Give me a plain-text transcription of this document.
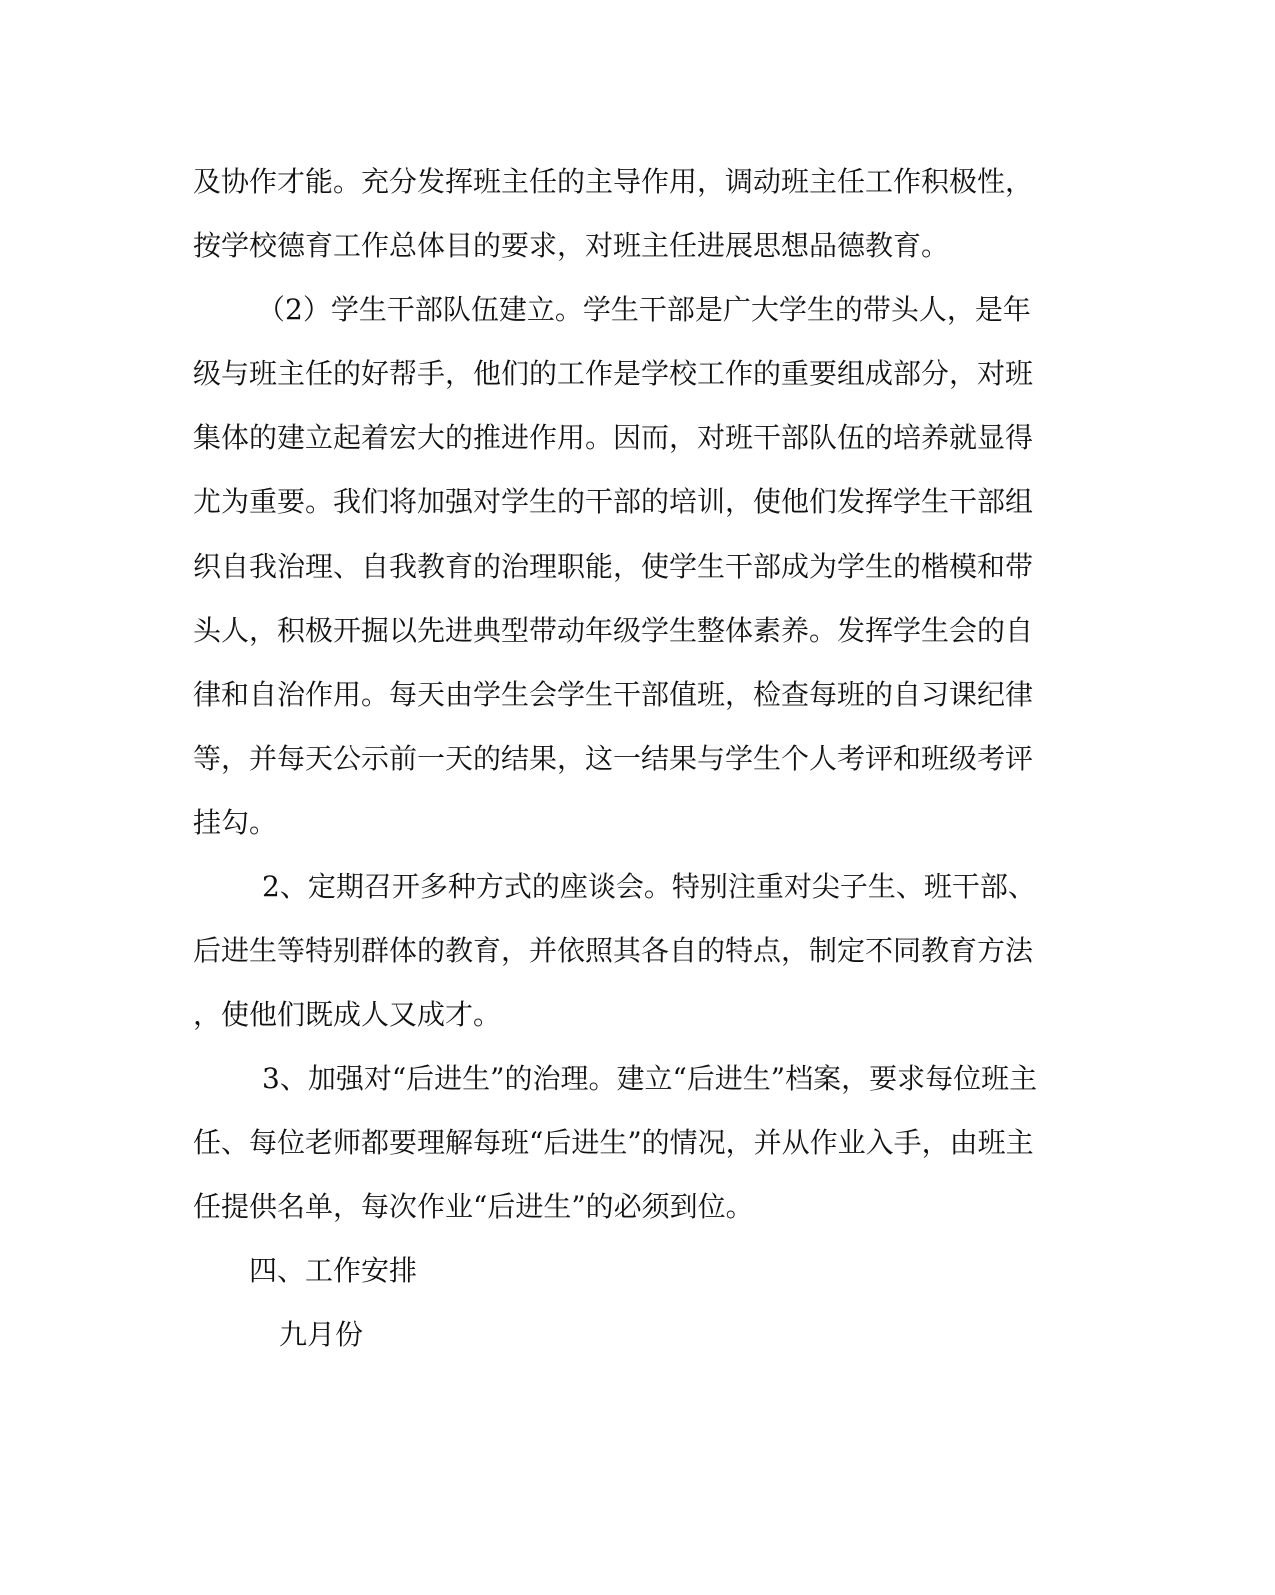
及协作才能。充分发挥班主任的主导作用，调动班主任工作积极性，
按学校德育工作总体目的要求，对班主任进展思想品德教育。
（2）学生干部队伍建立。学生干部是广大学生的带头人，是年
级与班主任的好帮手，他们的工作是学校工作的重要组成部分，对班
集体的建立起着宏大的推进作用。因而，对班干部队伍的培养就显得
尤为重要。我们将加强对学生的干部的培训，使他们发挥学生干部组
织自我治理、自我教育的治理职能，使学生干部成为学生的楷模和带
头人，积极开掘以先进典型带动年级学生整体素养。发挥学生会的自
律和自治作用。每天由学生会学生干部值班，检查每班的自习课纪律
等，并每天公示前一天的结果，这一结果与学生个人考评和班级考评
挂勾。
2、定期召开多种方式的座谈会。特别注重对尖子生、班干部、
后进生等特别群体的教育，并依照其各自的特点，制定不同教育方法
，使他们既成人又成才。
3、加强对“后进生”的治理。建立“后进生”档案，要求每位班主
任、每位老师都要理解每班“后进生”的情况，并从作业入手，由班主
任提供名单，每次作业“后进生”的必须到位。
四、工作安排
九月份
